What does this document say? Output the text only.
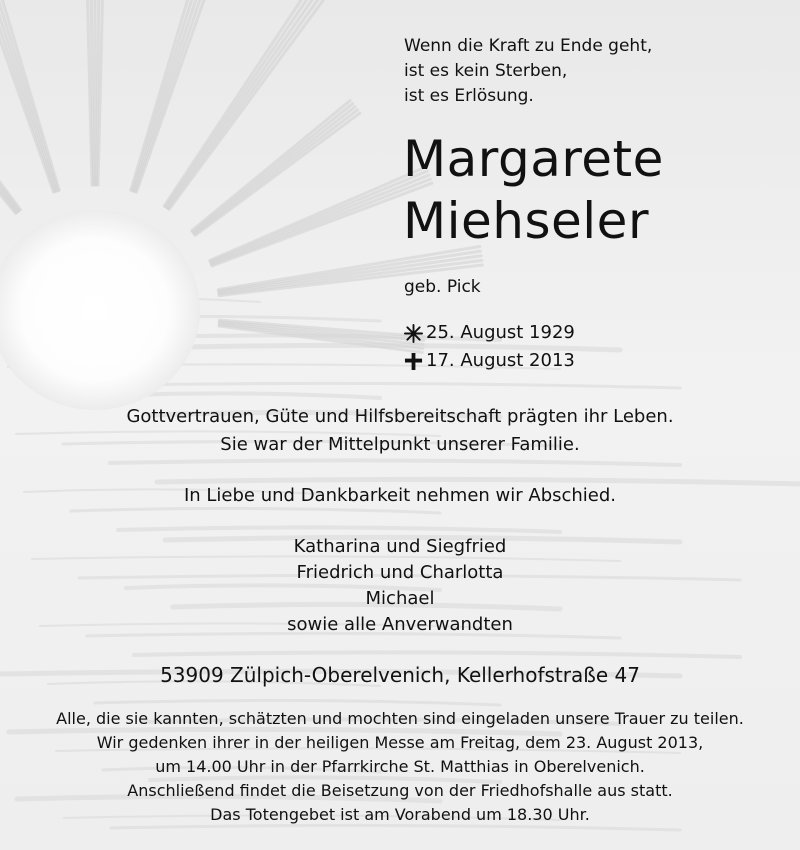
Wenn die Kraft zu Ende geht,
ist es kein Sterben,
ist es Erlösung.
Margarete
Miehseler
geb. Pick
25. August 1929
17. August 2013
Gottvertrauen, Güte und Hilfsbereitschaft prägten ihr Leben.
Sie war der Mittelpunkt unserer Familie.
In Liebe und Dankbarkeit nehmen wir Abschied.
Katharina und Siegfried
Friedrich und Charlotta
Michael
sowie alle Anverwandten
53909 Zülpich-Oberelvenich, Kellerhofstraße 47
Alle, die sie kannten, schätzten und mochten sind eingeladen unsere Trauer zu teilen.
Wir gedenken ihrer in der heiligen Messe am Freitag, dem 23. August 2013,
um 14.00 Uhr in der Pfarrkirche St. Matthias in Oberelvenich.
Anschließend findet die Beisetzung von der Friedhofshalle aus statt.
Das Totengebet ist am Vorabend um 18.30 Uhr.
